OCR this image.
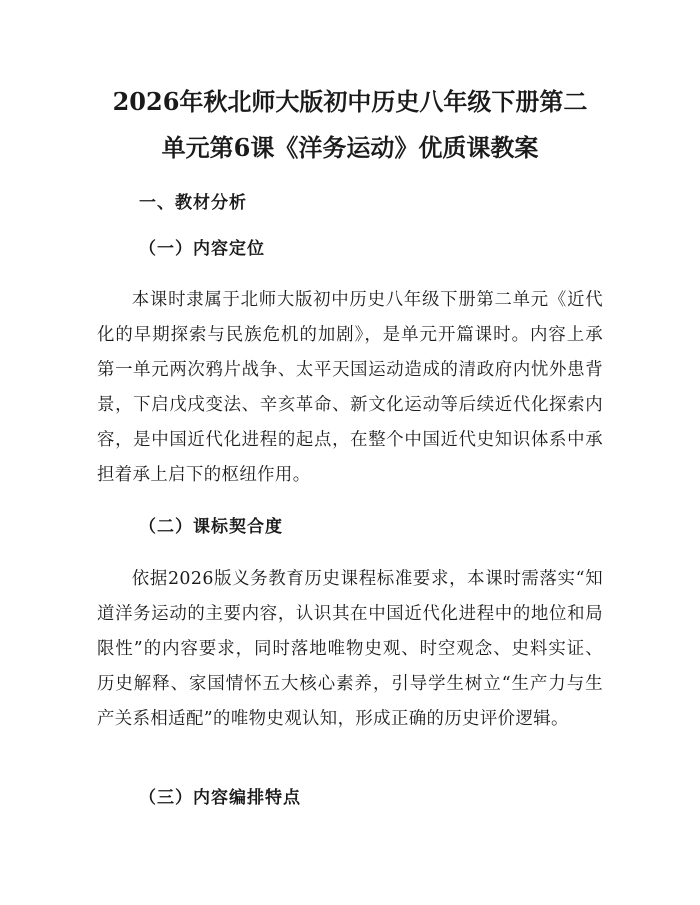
2026年秋北师大版初中历史八年级下册第二
单元第6课《洋务运动》优质课教案
一、教材分析
（一）内容定位

本课时隶属于北师大版初中历史八年级下册第二单元《近代化的早期探索与民族危机的加剧》，是单元开篇课时。内容上承第一单元两次鸦片战争、太平天国运动造成的清政府内忧外患背景，下启戊戌变法、辛亥革命、新文化运动等后续近代化探索内容，是中国近代化进程的起点，在整个中国近代史知识体系中承担着承上启下的枢纽作用。

（二）课标契合度

依据2026版义务教育历史课程标准要求，本课时需落实“知道洋务运动的主要内容，认识其在中国近代化进程中的地位和局限性”的内容要求，同时落地唯物史观、时空观念、史料实证、历史解释、家国情怀五大核心素养，引导学生树立“生产力与生产关系相适配”的唯物史观认知，形成正确的历史评价逻辑。

（三）内容编排特点
